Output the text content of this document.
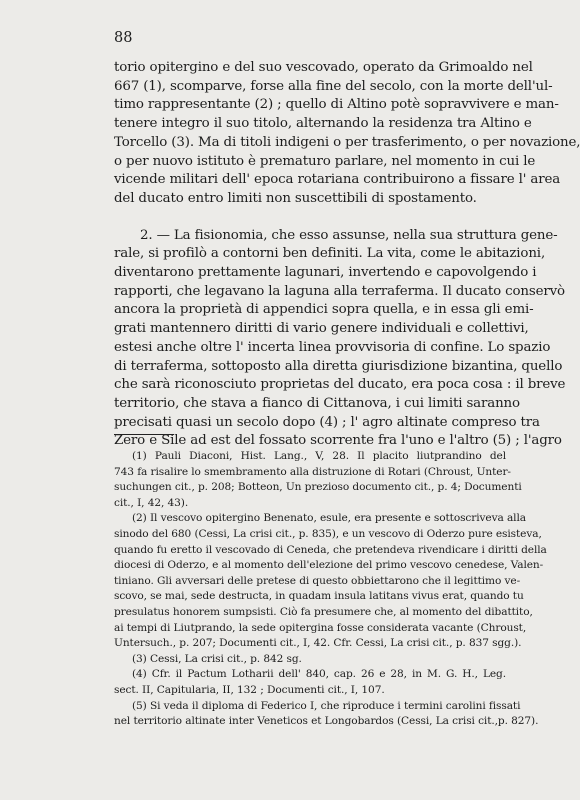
88
torio opitergino e del suo vescovado, operato da Grimoaldo nel
667 (1), scomparve, forse alla fine del secolo, con la morte dell'ul-
timo rappresentante (2) ; quello di Altino potè sopravvivere e man-
tenere integro il suo titolo, alternando la residenza tra Altino e
Torcello (3). Ma di titoli indigeni o per trasferimento, o per novazione,
o per nuovo istituto è prematuro parlare, nel momento in cui le
vicende militari dell' epoca rotariana contribuirono a fissare l' area
del ducato entro limiti non suscettibili di spostamento.
2. — La fisionomia, che esso assunse, nella sua struttura gene-
rale, si profilò a contorni ben definiti. La vita, come le abitazioni,
diventarono prettamente lagunari, invertendo e capovolgendo i
rapporti, che legavano la laguna alla terraferma. Il ducato conservò
ancora la proprietà di appendici sopra quella, e in essa gli emi-
grati mantennero diritti di vario genere individuali e collettivi,
estesi anche oltre l' incerta linea provvisoria di confine. Lo spazio
di terraferma, sottoposto alla diretta giurisdizione bizantina, quello
che sarà riconosciuto proprietas del ducato, era poca cosa : il breve
territorio, che stava a fianco di Cittanova, i cui limiti saranno
precisati quasi un secolo dopo (4) ; l' agro altinate compreso tra
Zero e Sile ad est del fossato scorrente fra l'uno e l'altro (5) ; l'agro
(1) Pauli Diaconi, Hist. Lang., V, 28. Il placito liutprandino del
743 fa risalire lo smembramento alla distruzione di Rotari (Chroust, Unter-
suchungen cit., p. 208; Botteon, Un prezioso documento cit., p. 4; Documenti
cit., I, 42, 43).
(2) Il vescovo opitergino Benenato, esule, era presente e sottoscriveva alla
sinodo del 680 (Cessi, La crisi cit., p. 835), e un vescovo di Oderzo pure esisteva,
quando fu eretto il vescovado di Ceneda, che pretendeva rivendicare i diritti della
diocesi di Oderzo, e al momento dell'elezione del primo vescovo cenedese, Valen-
tiniano. Gli avversari delle pretese di questo obbiettarono che il legittimo ve-
scovo, se mai, sede destructa, in quadam insula latitans vivus erat, quando tu
presulatus honorem sumpsisti. Ciò fa presumere che, al momento del dibattito,
ai tempi di Liutprando, la sede opitergina fosse considerata vacante (Chroust,
Untersuch., p. 207; Documenti cit., I, 42. Cfr. Cessi, La crisi cit., p. 837 sgg.).
(3) Cessi, La crisi cit., p. 842 sg.
(4) Cfr. il Pactum Lotharii dell' 840, cap. 26 e 28, in M. G. H., Leg.
sect. II, Capitularia, II, 132 ; Documenti cit., I, 107.
(5) Si veda il diploma di Federico I, che riproduce i termini carolini fissati
nel territorio altinate inter Veneticos et Longobardos (Cessi, La crisi cit.,p. 827).
